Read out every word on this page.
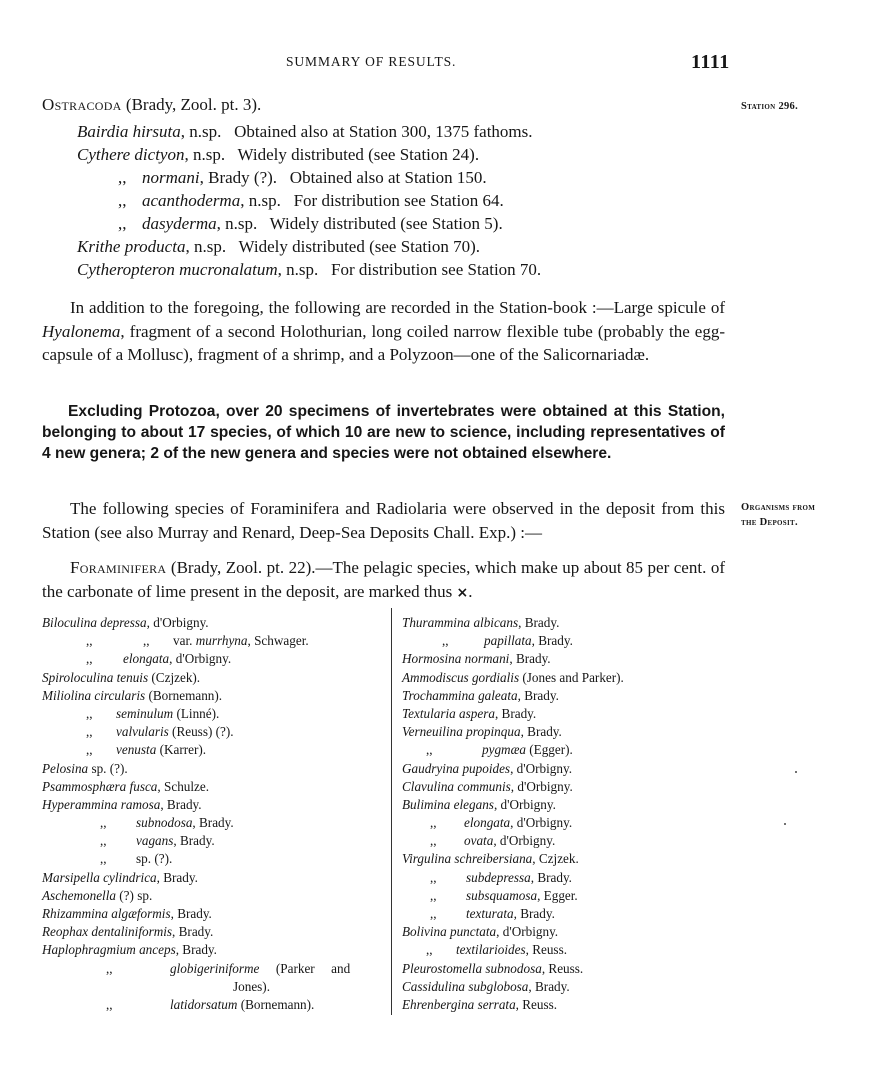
SUMMARY OF RESULTS.	1111
Station 296.
Organisms from
the Deposit.
Ostracoda (Brady, Zool. pt. 3).
Bairdia hirsuta, n.sp.   Obtained also at Station 300, 1375 fathoms.
Cythere dictyon, n.sp.   Widely distributed (see Station 24).
,, normani, Brady (?).   Obtained also at Station 150.
,, acanthoderma, n.sp.   For distribution see Station 64.
,, dasyderma, n.sp.   Widely distributed (see Station 5).
Krithe producta, n.sp.   Widely distributed (see Station 70).
Cytheropteron mucronalatum, n.sp.   For distribution see Station 70.
In addition to the foregoing, the following are recorded in the Station-book :—Large spicule of Hyalonema, fragment of a second Holothurian, long coiled narrow flexible tube (probably the egg-capsule of a Mollusc), fragment of a shrimp, and a Polyzoon—one of the Salicornariadæ.
Excluding Protozoa, over 20 specimens of invertebrates were obtained at this Station, belonging to about 17 species, of which 10 are new to science, including representatives of 4 new genera; 2 of the new genera and species were not obtained elsewhere.
The following species of Foraminifera and Radiolaria were observed in the deposit from this Station (see also Murray and Renard, Deep-Sea Deposits Chall. Exp.) :—
Foraminifera (Brady, Zool. pt. 22).—The pelagic species, which make up about 85 per cent. of the carbonate of lime present in the deposit, are marked thus ×.
Biloculina depressa, d'Orbigny.
,,	,, var. murrhyna, Schwager.
,, elongata, d'Orbigny.
Spiroloculina tenuis (Czjzek).
Miliolina circularis (Bornemann).
,, seminulum (Linné).
,, valvularis (Reuss) (?).
,, venusta (Karrer).
Pelosina sp. (?).
Psammosphæra fusca, Schulze.
Hyperammina ramosa, Brady.
,, subnodosa, Brady.
,, vagans, Brady.
,, sp. (?).
Marsipella cylindrica, Brady.
Aschemonella (?) sp.
Rhizammina algæformis, Brady.
Reophax dentaliniformis, Brady.
Haplophragmium anceps, Brady.
,,	globigeriniforme     (Parker     and
Jones).
,,	latidorsatum (Bornemann).
Thurammina albicans, Brady.
,,	papillata, Brady.
Hormosina normani, Brady.
Ammodiscus gordialis (Jones and Parker).
Trochammina galeata, Brady.
Textularia aspera, Brady.
Verneuilina propinqua, Brady.
,,	pygmæa (Egger).
Gaudryina pupoides, d'Orbigny.
Clavulina communis, d'Orbigny.
Bulimina elegans, d'Orbigny.
,, elongata, d'Orbigny.
,, ovata, d'Orbigny.
Virgulina schreibersiana, Czjzek.
,, subdepressa, Brady.
,, subsquamosa, Egger.
,, texturata, Brady.
Bolivina punctata, d'Orbigny.
,, textilarioides, Reuss.
Pleurostomella subnodosa, Reuss.
Cassidulina subglobosa, Brady.
Ehrenbergina serrata, Reuss.
